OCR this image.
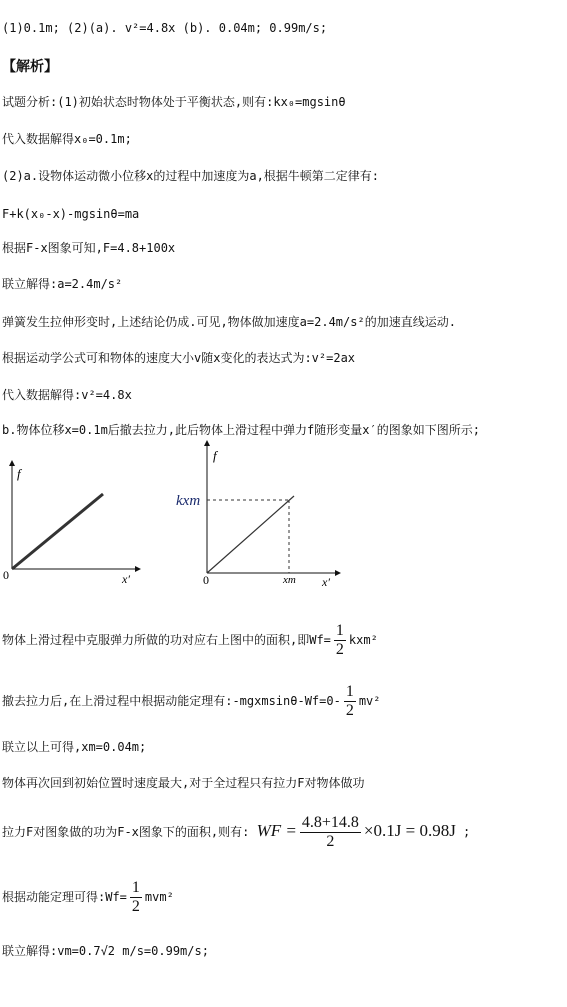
(1)0.1m; (2)(a). v²=4.8x (b). 0.04m; 0.99m/s;
【解析】
试题分析:(1)初始状态时物体处于平衡状态,则有:kx₀=mgsinθ
代入数据解得x₀=0.1m;
(2)a.设物体运动微小位移x的过程中加速度为a,根据牛顿第二定律有:
F+k(x₀-x)-mgsinθ=ma
根据F-x图象可知,F=4.8+100x
联立解得:a=2.4m/s²
弹簧发生拉伸形变时,上述结论仍成.可见,物体做加速度a=2.4m/s²的加速直线运动.
根据运动学公式可和物体的速度大小v随x变化的表达式为:v²=2ax
代入数据解得:v²=4.8x
b.物体位移x=0.1m后撤去拉力,此后物体上滑过程中弹力f随形变量x′的图象如下图所示;
f
0	x′
f
kxm
0	xm x′
物体上滑过程中克服弹力所做的功对应右上图中的面积,即$Wf= \frac{1}{2} kxm^2$
撤去拉力后,在上滑过程中根据动能定理有:-mgxmsinθ-Wf=0- $\frac{1}{2} mv^2$
联立以上可得,xm=0.04m;
物体再次回到初始位置时速度最大,对于全过程只有拉力F对物体做功
拉力F对图象做的功为F-x图象下的面积,则有: WF = $\frac{4.8+14.8}{2} \times 0.1J = 0.98J$ ;
根据动能定理可得:Wf= $\frac{1}{2} mvm^2$
联立解得:vm=0.7√2 m/s=0.99m/s;
